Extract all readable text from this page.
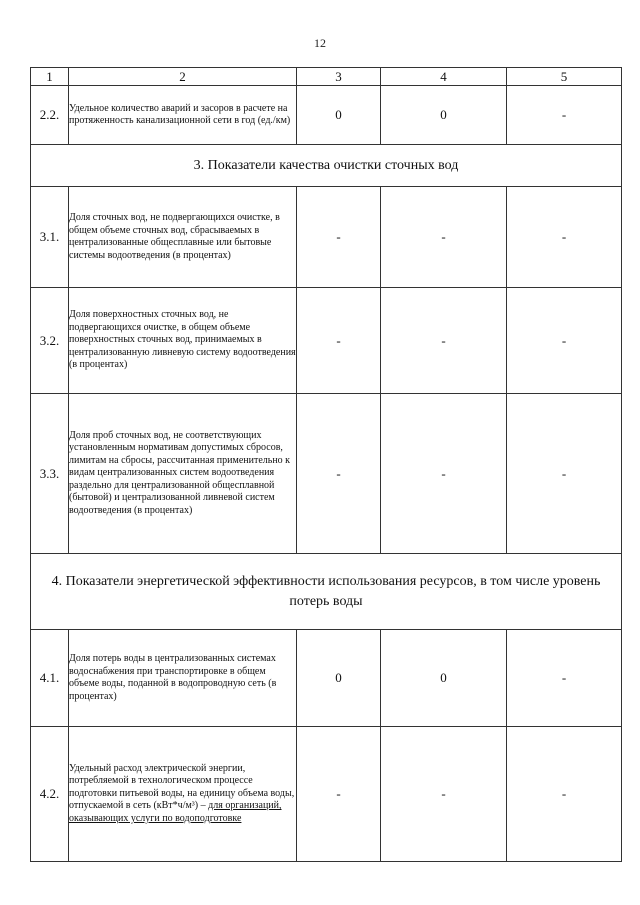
12
1	2	3	4	5
2.2.	Удельное количество аварий и засоров в расчете на протяженность канализационной сети в год (ед./км)	0	0	-
3. Показатели качества очистки сточных вод				
3.1.	Доля сточных вод, не подвергающихся очистке, в общем объеме сточных вод, сбрасываемых в централизованные общесплавные или бытовые системы водоотведения (в процентах)	-	-	-
3.2.	Доля поверхностных сточных вод, не подвергающихся очистке, в общем объеме поверхностных сточных вод, принимаемых в централизованную ливневую систему водоотведения (в процентах)	-	-	-
3.3.	Доля проб сточных вод, не соответствующих установленным нормативам допустимых сбросов, лимитам на сбросы, рассчитанная применительно к видам централизованных систем водоотведения раздельно для централизованной общесплавной (бытовой) и централизованной ливневой систем водоотведения (в процентах)	-	-	-
4. Показатели энергетической эффективности использования ресурсов, в том числе уровень потерь воды				
4.1.	Доля потерь воды в централизованных системах водоснабжения при транспортировке в общем объеме воды, поданной в водопроводную сеть (в процентах)	0	0	-
4.2.	Удельный расход электрической энергии, потребляемой в технологическом процессе подготовки питьевой воды, на единицу объема воды, отпускаемой в сеть (кВт*ч/м³) – для организаций, оказывающих услуги по водоподготовке	-	-	-
